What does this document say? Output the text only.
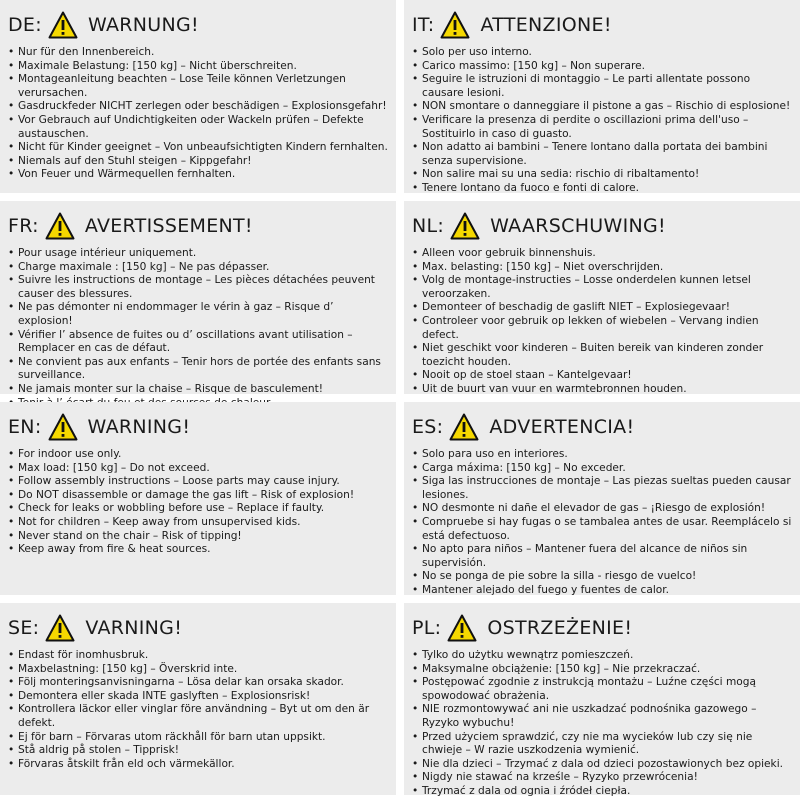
DE: WARNUNG!
• Nur für den Innenbereich.
• Maximale Belastung: [150 kg] – Nicht überschreiten.
• Montageanleitung beachten – Lose Teile können Verletzungen verursachen.
• Gasdruckfeder NICHT zerlegen oder beschädigen – Explosionsgefahr!
• Vor Gebrauch auf Undichtigkeiten oder Wackeln prüfen – Defekte austauschen.
• Nicht für Kinder geeignet – Von unbeaufsichtigten Kindern fernhalten.
• Niemals auf den Stuhl steigen – Kippgefahr!
• Von Feuer und Wärmequellen fernhalten.
IT: ATTENZIONE!
• Solo per uso interno.
• Carico massimo: [150 kg] – Non superare.
• Seguire le istruzioni di montaggio – Le parti allentate possono causare lesioni.
• NON smontare o danneggiare il pistone a gas – Rischio di esplosione!
• Verificare la presenza di perdite o oscillazioni prima dell'uso – Sostituirlo in caso di guasto.
• Non adatto ai bambini – Tenere lontano dalla portata dei bambini senza supervisione.
• Non salire mai su una sedia: rischio di ribaltamento!
• Tenere lontano da fuoco e fonti di calore.
FR: AVERTISSEMENT!
• Pour usage intérieur uniquement.
• Charge maximale : [150 kg] – Ne pas dépasser.
• Suivre les instructions de montage – Les pièces détachées peuvent causer des blessures.
• Ne pas démonter ni endommager le vérin à gaz – Risque d’ explosion!
• Vérifier l’ absence de fuites ou d’ oscillations avant utilisation – Remplacer en cas de défaut.
• Ne convient pas aux enfants – Tenir hors de portée des enfants sans surveillance.
• Ne jamais monter sur la chaise – Risque de basculement!
•
NL: WAARSCHUWING!
• Alleen voor gebruik binnenshuis.
• Max. belasting: [150 kg] – Niet overschrijden.
• Volg de montage-instructies – Losse onderdelen kunnen letsel veroorzaken.
• Demonteer of beschadig de gaslift NIET – Explosiegevaar!
• Controleer voor gebruik op lekken of wiebelen – Vervang indien defect.
• Niet geschikt voor kinderen – Buiten bereik van kinderen zonder toezicht houden.
• Nooit op de stoel staan – Kantelgevaar!
• Uit de buurt van vuur en warmtebronnen houden.
EN: WARNING!
• For indoor use only.
• Max load: [150 kg] – Do not exceed.
• Follow assembly instructions – Loose parts may cause injury.
• Do NOT disassemble or damage the gas lift – Risk of explosion!
• Check for leaks or wobbling before use – Replace if faulty.
• Not for children – Keep away from unsupervised kids.
• Never stand on the chair – Risk of tipping!
• Keep away from fire & heat sources.
ES: ADVERTENCIA!
• Solo para uso en interiores.
• Carga máxima: [150 kg] – No exceder.
• Siga las instrucciones de montaje – Las piezas sueltas pueden causar lesiones.
• NO desmonte ni dañe el elevador de gas – ¡Riesgo de explosión!
• Compruebe si hay fugas o se tambalea antes de usar. Reemplácelo si está defectuoso.
• No apto para niños – Mantener fuera del alcance de niños sin supervisión.
• No se ponga de pie sobre la silla - riesgo de vuelco!
• Mantener alejado del fuego y fuentes de calor.
SE: VARNING!
• Endast för inomhusbruk.
• Maxbelastning: [150 kg] – Överskrid inte.
• Följ monteringsanvisningarna – Lösa delar kan orsaka skador.
• Demontera eller skada INTE gaslyften – Explosionsrisk!
• Kontrollera läckor eller vinglar före användning – Byt ut om den är defekt.
• Ej för barn – Förvaras utom räckhåll för barn utan uppsikt.
• Stå aldrig på stolen – Tipprisk!
• Förvaras åtskilt från eld och värmekällor.
PL: OSTRZEŻENIE!
• Tylko do użytku wewnątrz pomieszczeń.
• Maksymalne obciążenie: [150 kg] – Nie przekraczać.
• Postępować zgodnie z instrukcją montażu – Luźne części mogą spowodować obrażenia.
• NIE rozmontowywać ani nie uszkadzać podnośnika gazowego – Ryzyko wybuchu!
• Przed użyciem sprawdzić, czy nie ma wycieków lub czy się nie chwieje – W razie uszkodzenia wymienić.
• Nie dla dzieci – Trzymać z dala od dzieci pozostawionych bez opieki.
• Nigdy nie stawać na krześle – Ryzyko przewrócenia!
• Trzymać z dala od ognia i źródeł ciepła.
